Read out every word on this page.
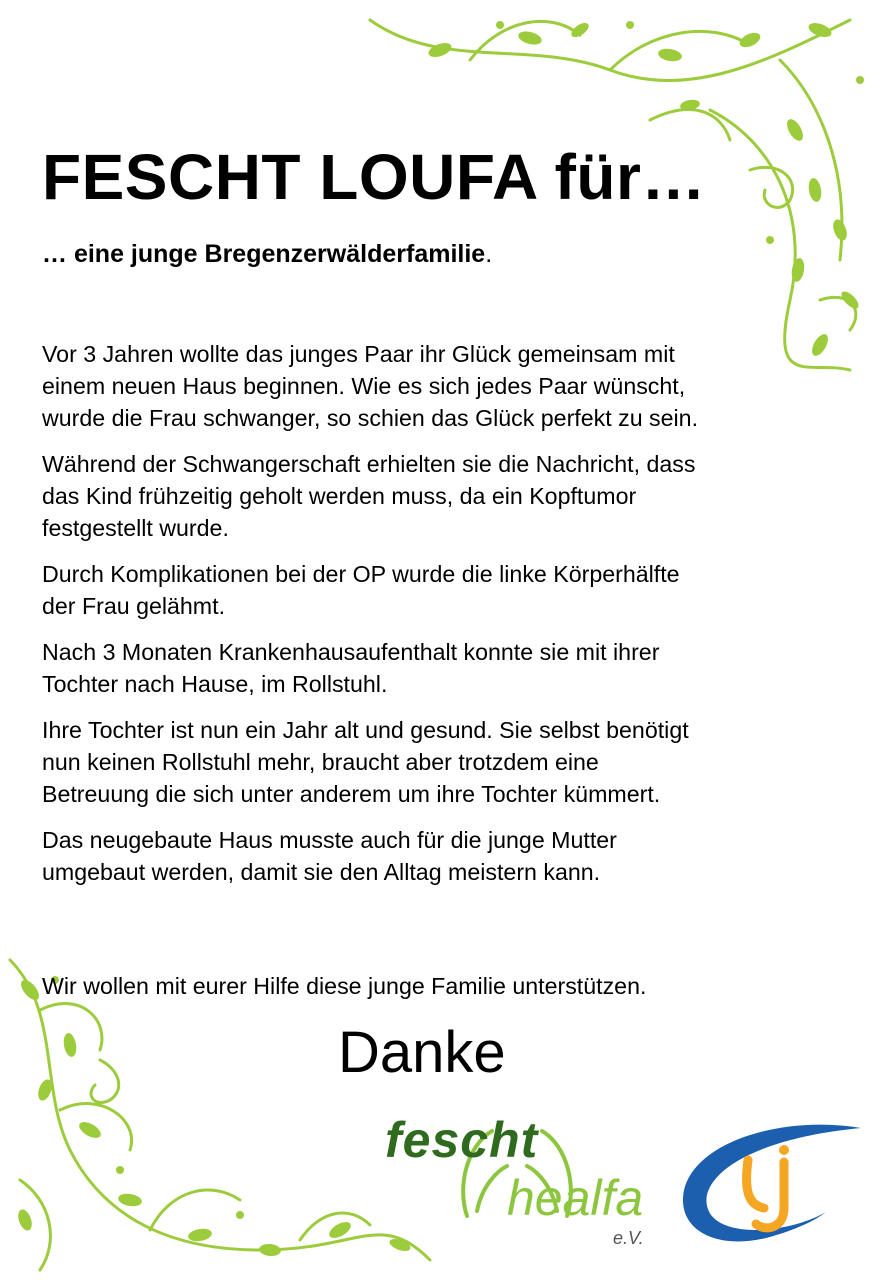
FESCHT LOUFA für…
… eine junge Bregenzerwälderfamilie.

Vor 3 Jahren wollte das junges Paar ihr Glück gemeinsam mit
einem neuen Haus beginnen. Wie es sich jedes Paar wünscht,
wurde die Frau schwanger, so schien das Glück perfekt zu sein.

Während der Schwangerschaft erhielten sie die Nachricht, dass
das Kind frühzeitig geholt werden muss, da ein Kopftumor
festgestellt wurde.

Durch Komplikationen bei der OP wurde die linke Körperhälfte
der Frau gelähmt.

Nach 3 Monaten Krankenhausaufenthalt konnte sie mit ihrer
Tochter nach Hause, im Rollstuhl.

Ihre Tochter ist nun ein Jahr alt und gesund. Sie selbst benötigt
nun keinen Rollstuhl mehr, braucht aber trotzdem eine
Betreuung die sich unter anderem um ihre Tochter kümmert.

Das neugebaute Haus musste auch für die junge Mutter
umgebaut werden, damit sie den Alltag meistern kann.

Wir wollen mit eurer Hilfe diese junge Familie unterstützen.

Danke

fescht
healfa
e.V.
